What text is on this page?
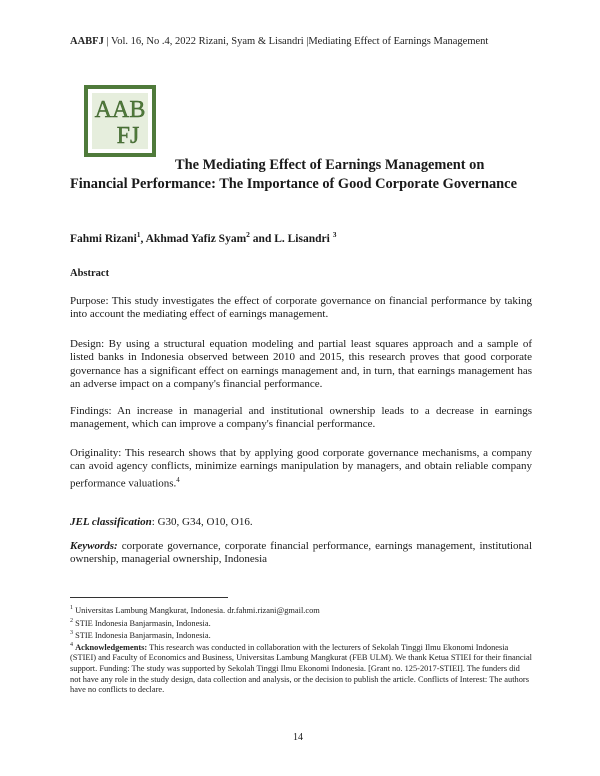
AABFJ | Vol. 16, No .4, 2022 Rizani, Syam & Lisandri |Mediating Effect of Earnings Management
AAB
FJ
The Mediating Effect of Earnings Management on
Financial Performance: The Importance of Good Corporate Governance
Fahmi Rizani$^1$, Akhmad Yafiz Syam$^2$ and L. Lisandri $^3$
Abstract
Purpose: This study investigates the effect of corporate governance on financial performance by taking into account the mediating effect of earnings management.
Design: By using a structural equation modeling and partial least squares approach and a sample of listed banks in Indonesia observed between 2010 and 2015, this research proves that good corporate governance has a significant effect on earnings management and, in turn, that earnings management has an adverse impact on a company's financial performance.
Findings: An increase in managerial and institutional ownership leads to a decrease in earnings management, which can improve a company's financial performance.
Originality: This research shows that by applying good corporate governance mechanisms, a company can avoid agency conflicts, minimize earnings manipulation by managers, and obtain reliable company performance valuations.$^4$
JEL classification: G30, G34, O10, O16.
Keywords: corporate governance, corporate financial performance, earnings management, institutional ownership, managerial ownership, Indonesia
$^1$ Universitas Lambung Mangkurat, Indonesia. dr.fahmi.rizani@gmail.com
$^2$ STIE Indonesia Banjarmasin, Indonesia.
$^3$ STIE Indonesia Banjarmasin, Indonesia.
$^4$ Acknowledgements: This research was conducted in collaboration with the lecturers of Sekolah Tinggi Ilmu Ekonomi Indonesia (STIEI) and Faculty of Economics and Business, Universitas Lambung Mangkurat (FEB ULM). We thank Ketua STIEI for their financial support. Funding: The study was supported by Sekolah Tinggi Ilmu Ekonomi Indonesia. [Grant no. 125-2017-STIEI]. The funders did not have any role in the study design, data collection and analysis, or the decision to publish the article. Conflicts of Interest: The authors have no conflicts to declare.
14
